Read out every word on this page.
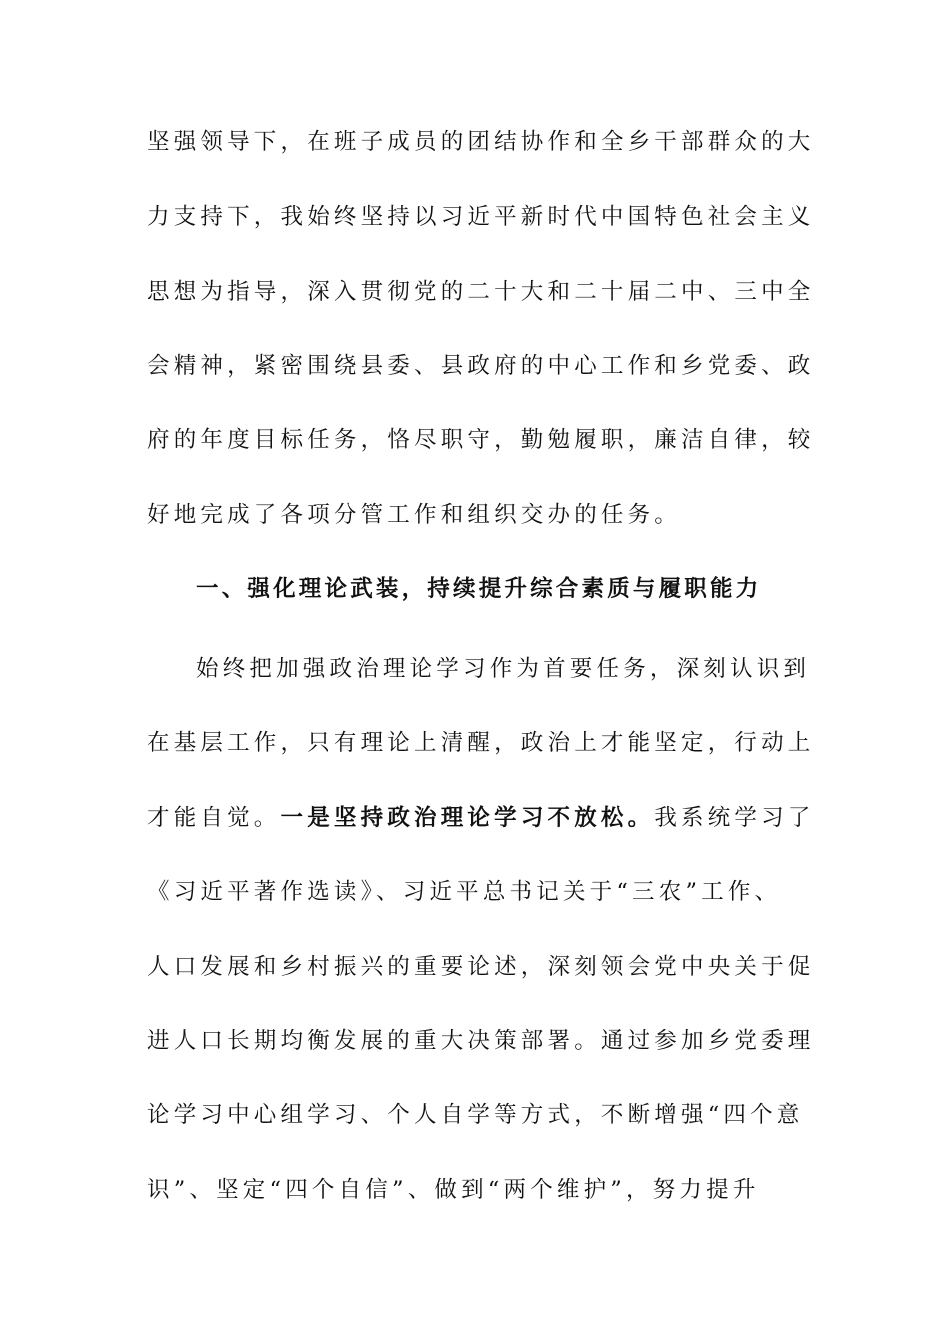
坚强领导下，在班子成员的团结协作和全乡干部群众的大
力支持下，我始终坚持以习近平新时代中国特色社会主义
思想为指导，深入贯彻党的二十大和二十届二中、三中全
会精神，紧密围绕县委、县政府的中心工作和乡党委、政
府的年度目标任务，恪尽职守，勤勉履职，廉洁自律，较
好地完成了各项分管工作和组织交办的任务。
一、强化理论武装，持续提升综合素质与履职能力
始终把加强政治理论学习作为首要任务，深刻认识到
在基层工作，只有理论上清醒，政治上才能坚定，行动上
才能自觉。一是坚持政治理论学习不放松。我系统学习了
《习近平著作选读》、习近平总书记关于“三农”工作、
人口发展和乡村振兴的重要论述，深刻领会党中央关于促
进人口长期均衡发展的重大决策部署。通过参加乡党委理
论学习中心组学习、个人自学等方式，不断增强“四个意
识”、坚定“四个自信”、做到“两个维护”，努力提升
